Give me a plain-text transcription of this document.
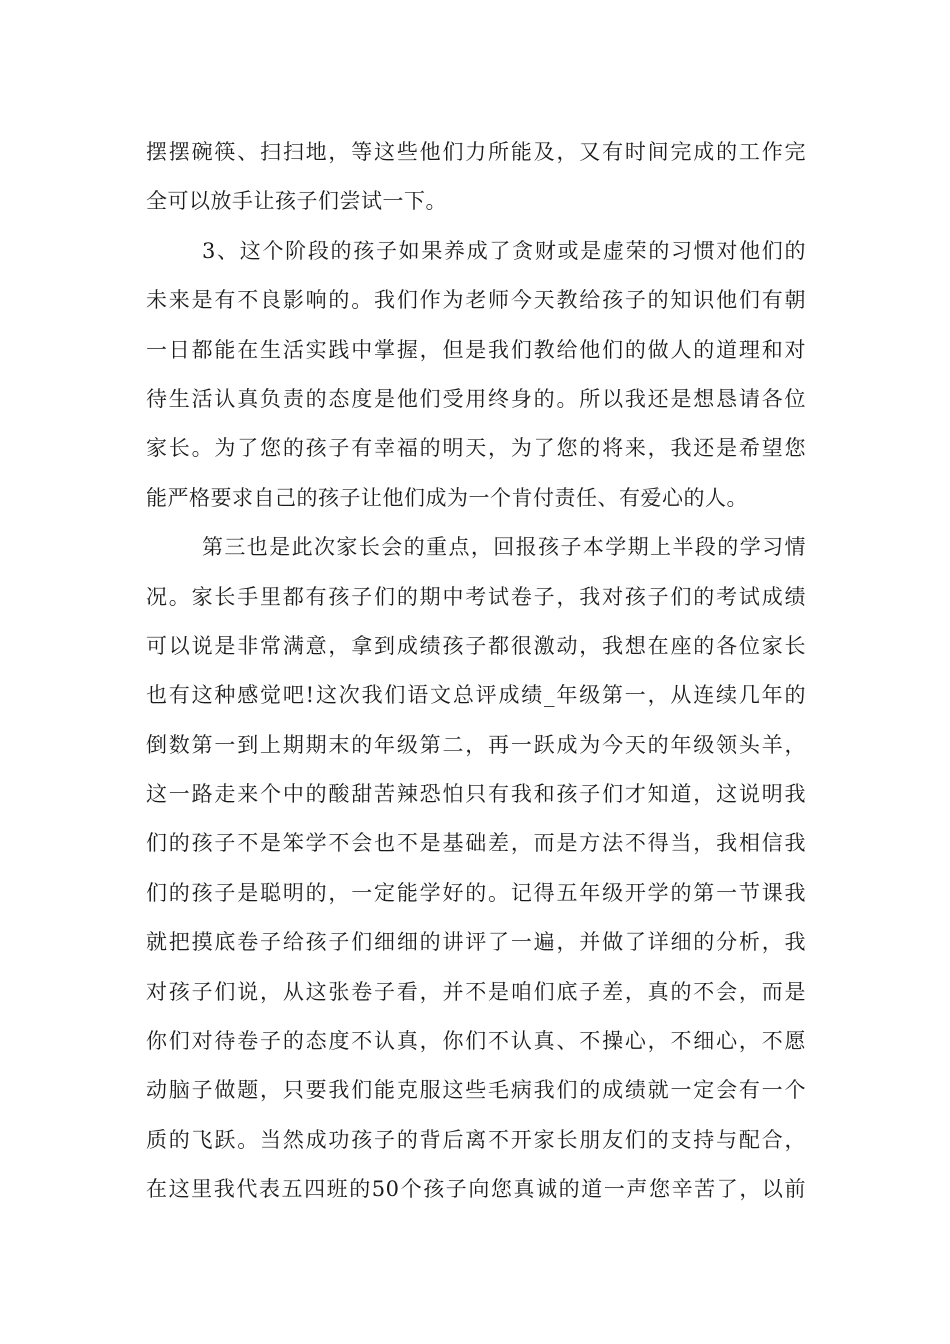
摆摆碗筷、扫扫地，等这些他们力所能及，又有时间完成的工作完
全可以放手让孩子们尝试一下。
3、这个阶段的孩子如果养成了贪财或是虚荣的习惯对他们的
未来是有不良影响的。我们作为老师今天教给孩子的知识他们有朝
一日都能在生活实践中掌握，但是我们教给他们的做人的道理和对
待生活认真负责的态度是他们受用终身的。所以我还是想恳请各位
家长。为了您的孩子有幸福的明天，为了您的将来，我还是希望您
能严格要求自己的孩子让他们成为一个肯付责任、有爱心的人。
第三也是此次家长会的重点，回报孩子本学期上半段的学习情
况。家长手里都有孩子们的期中考试卷子，我对孩子们的考试成绩
可以说是非常满意，拿到成绩孩子都很激动，我想在座的各位家长
也有这种感觉吧!这次我们语文总评成绩_年级第一，从连续几年的
倒数第一到上期期末的年级第二，再一跃成为今天的年级领头羊，
这一路走来个中的酸甜苦辣恐怕只有我和孩子们才知道，这说明我
们的孩子不是笨学不会也不是基础差，而是方法不得当，我相信我
们的孩子是聪明的，一定能学好的。记得五年级开学的第一节课我
就把摸底卷子给孩子们细细的讲评了一遍，并做了详细的分析，我
对孩子们说，从这张卷子看，并不是咱们底子差，真的不会，而是
你们对待卷子的态度不认真，你们不认真、不操心，不细心，不愿
动脑子做题，只要我们能克服这些毛病我们的成绩就一定会有一个
质的飞跃。当然成功孩子的背后离不开家长朋友们的支持与配合，
在这里我代表五四班的50个孩子向您真诚的道一声您辛苦了，以前
